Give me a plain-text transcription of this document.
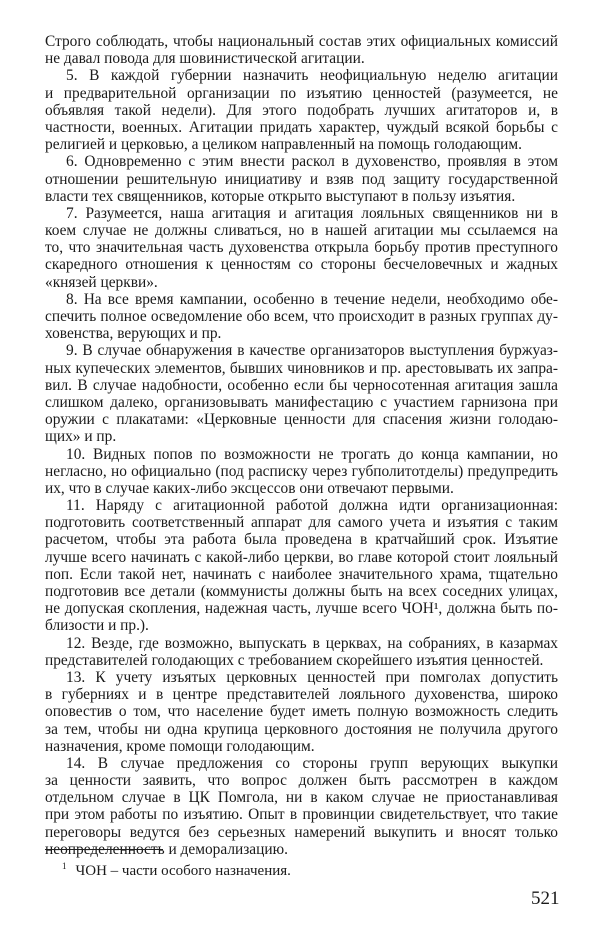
Строго соблюдать, чтобы национальный состав этих официальных комиссий
не давал повода для шовинистической агитации.
5. В каждой губернии назначить неофициальную неделю агитации
и предварительной организации по изъятию ценностей (разумеется, не
объявляя такой недели). Для этого подобрать лучших агитаторов и, в
частности, военных. Агитации придать характер, чуждый всякой борьбы с
религией и церковью, а целиком направленный на помощь голодающим.
6. Одновременно с этим внести раскол в духовенство, проявляя в этом
отношении решительную инициативу и взяв под защиту государственной
власти тех священников, которые открыто выступают в пользу изъятия.
7. Разумеется, наша агитация и агитация лояльных священников ни в
коем случае не должны сливаться, но в нашей агитации мы ссылаемся на
то, что значительная часть духовенства открыла борьбу против преступного
скаредного отношения к ценностям со стороны бесчеловечных и жадных
«князей церкви».
8. На все время кампании, особенно в течение недели, необходимо обе-
спечить полное осведомление обо всем, что происходит в разных группах ду-
ховенства, верующих и пр.
9. В случае обнаружения в качестве организаторов выступления буржуаз-
ных купеческих элементов, бывших чиновников и пр. арестовывать их запра-
вил. В случае надобности, особенно если бы черносотенная агитация зашла
слишком далеко, организовывать манифестацию с участием гарнизона при
оружии с плакатами: «Церковные ценности для спасения жизни голодаю-
щих» и пр.
10. Видных попов по возможности не трогать до конца кампании, но
негласно, но официально (под расписку через губполитотделы) предупредить
их, что в случае каких-либо эксцессов они отвечают первыми.
11. Наряду с агитационной работой должна идти организационная:
подготовить соответственный аппарат для самого учета и изъятия с таким
расчетом, чтобы эта работа была проведена в кратчайший срок. Изъятие
лучше всего начинать с какой-либо церкви, во главе которой стоит лояльный
поп. Если такой нет, начинать с наиболее значительного храма, тщательно
подготовив все детали (коммунисты должны быть на всех соседних улицах,
не допуская скопления, надежная часть, лучше всего ЧОН¹, должна быть по-
близости и пр.).
12. Везде, где возможно, выпускать в церквах, на собраниях, в казармах
представителей голодающих с требованием скорейшего изъятия ценностей.
13. К учету изъятых церковных ценностей при помголах допустить
в губерниях и в центре представителей лояльного духовенства, широко
оповестив о том, что население будет иметь полную возможность следить
за тем, чтобы ни одна крупица церковного достояния не получила другого
назначения, кроме помощи голодающим.
14. В случае предложения со стороны групп верующих выкупки
за ценности заявить, что вопрос должен быть рассмотрен в каждом
отдельном случае в ЦК Помгола, ни в каком случае не приостанавливая
при этом работы по изъятию. Опыт в провинции свидетельствует, что такие
переговоры ведутся без серьезных намерений выкупить и вносят только
неопределенность и деморализацию.
$^1$ ЧОН – части особого назначения.
521
